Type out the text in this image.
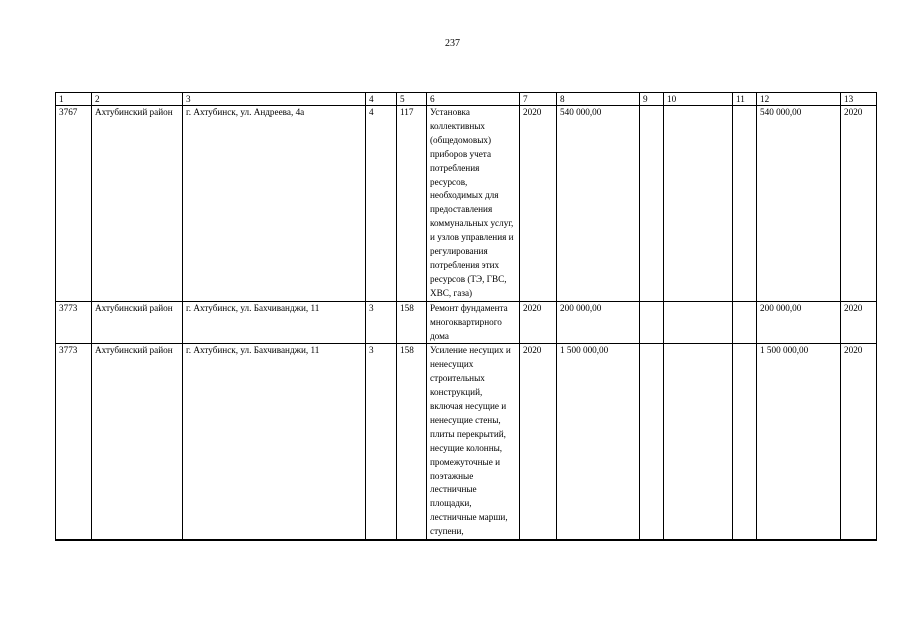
237
1	2	3	4	5	6	7	8	9	10	11	12	13
3767	Ахтубинский район	г. Ахтубинск, ул. Андреева, 4а	4	117	Установка коллективных (общедомовых) приборов учета потребления ресурсов, необходимых для предоставления коммунальных услуг, и узлов управления и регулирования потребления этих ресурсов (ТЭ, ГВС, ХВС, газа)	2020	540 000,00				540 000,00	2020
3773	Ахтубинский район	г. Ахтубинск, ул. Бахчиванджи, 11	3	158	Ремонт фундамента многоквартирного дома	2020	200 000,00				200 000,00	2020
3773	Ахтубинский район	г. Ахтубинск, ул. Бахчиванджи, 11	3	158	Усиление несущих и ненесущих строительных конструкций, включая несущие и ненесущие стены, плиты перекрытий, несущие колонны, промежуточные и поэтажные лестничные площадки, лестничные марши, ступени,	2020	1 500 000,00				1 500 000,00	2020
